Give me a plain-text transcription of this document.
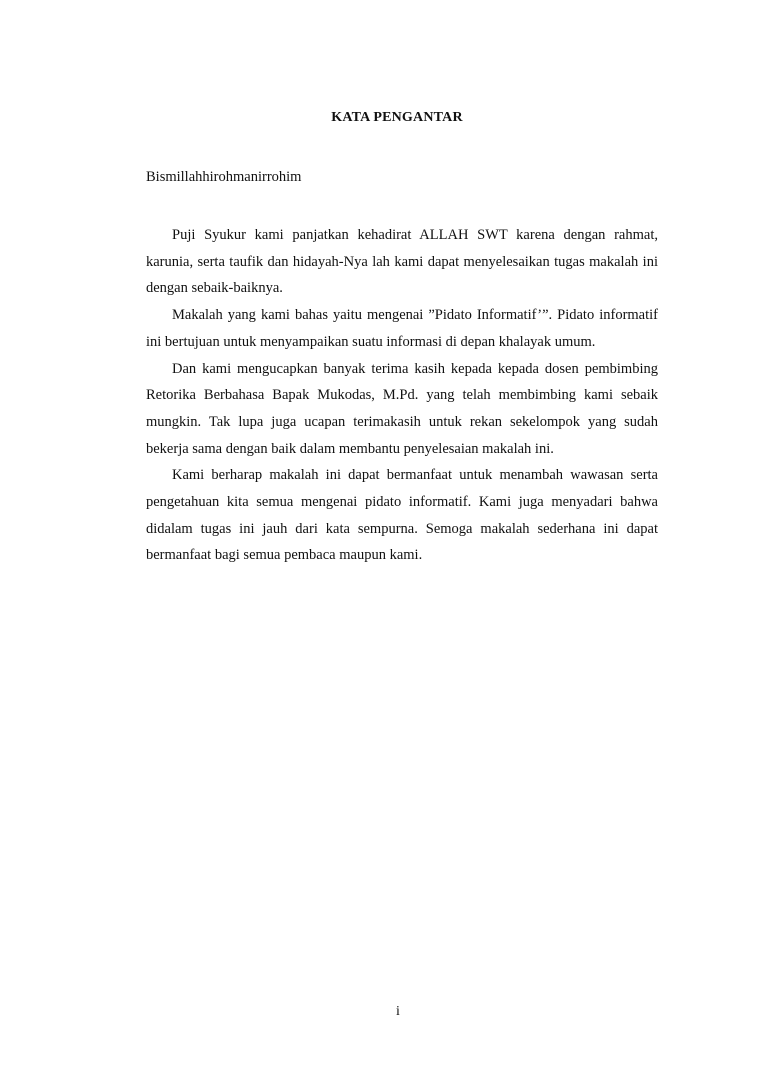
KATA PENGANTAR
Bismillahhirohmanirrohim

Puji Syukur kami panjatkan kehadirat ALLAH SWT karena dengan rahmat, karunia, serta taufik dan hidayah-Nya lah kami dapat menyelesaikan tugas makalah ini dengan sebaik-baiknya.

Makalah yang kami bahas yaitu mengenai ”Pidato Informatif’”. Pidato informatif ini bertujuan untuk menyampaikan suatu informasi di depan khalayak umum.

Dan kami mengucapkan banyak terima kasih kepada kepada dosen pembimbing Retorika Berbahasa Bapak Mukodas, M.Pd. yang telah membimbing kami sebaik mungkin. Tak lupa juga ucapan terimakasih untuk rekan sekelompok yang sudah bekerja sama dengan baik dalam membantu penyelesaian makalah ini.

Kami berharap makalah ini dapat bermanfaat untuk menambah wawasan serta pengetahuan kita semua mengenai pidato informatif. Kami juga menyadari bahwa didalam tugas ini jauh dari kata sempurna. Semoga makalah sederhana ini dapat bermanfaat bagi semua pembaca maupun kami.

i
